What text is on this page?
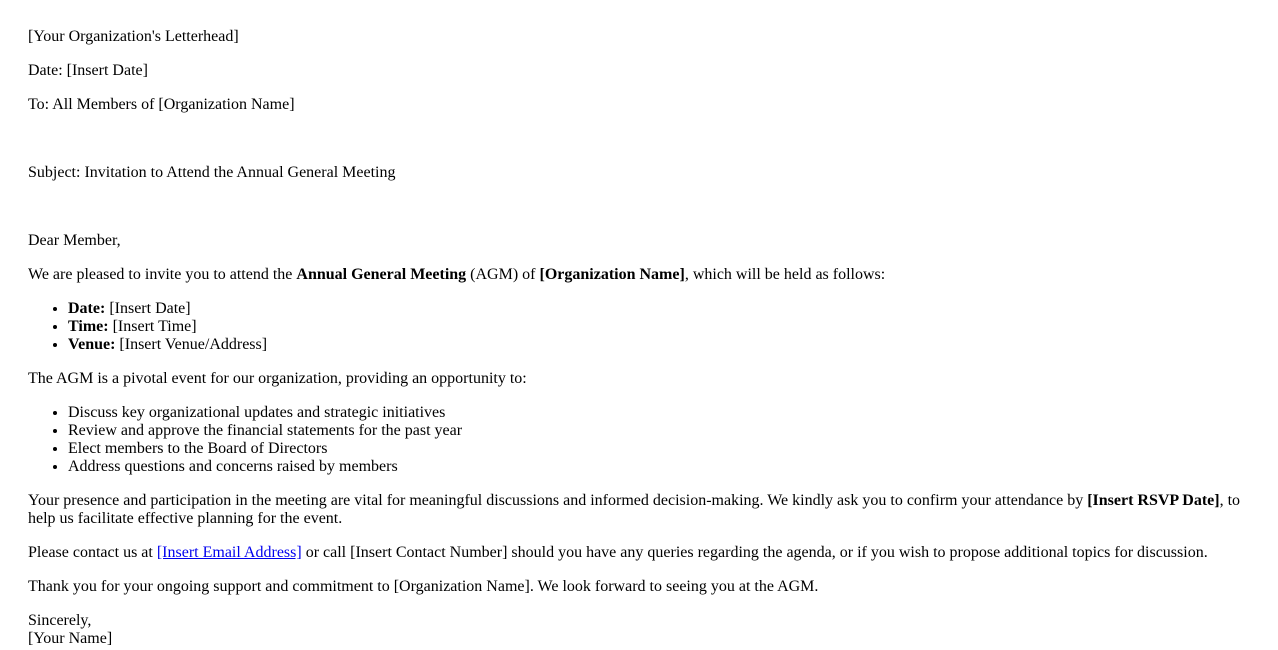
[Your Organization's Letterhead]

Date: [Insert Date]

To: All Members of [Organization Name]

Subject: Invitation to Attend the Annual General Meeting

Dear Member,

We are pleased to invite you to attend the Annual General Meeting (AGM) of [Organization Name], which will be held as follows:

• Date: [Insert Date]
• Time: [Insert Time]
• Venue: [Insert Venue/Address]

The AGM is a pivotal event for our organization, providing an opportunity to:

• Discuss key organizational updates and strategic initiatives
• Review and approve the financial statements for the past year
• Elect members to the Board of Directors
• Address questions and concerns raised by members

Your presence and participation in the meeting are vital for meaningful discussions and informed decision-making. We kindly ask you to confirm your attendance by [Insert RSVP Date], to help us facilitate effective planning for the event.

Please contact us at [Insert Email Address] or call [Insert Contact Number] should you have any queries regarding the agenda, or if you wish to propose additional topics for discussion.

Thank you for your ongoing support and commitment to [Organization Name]. We look forward to seeing you at the AGM.

Sincerely,

[Your Name]
